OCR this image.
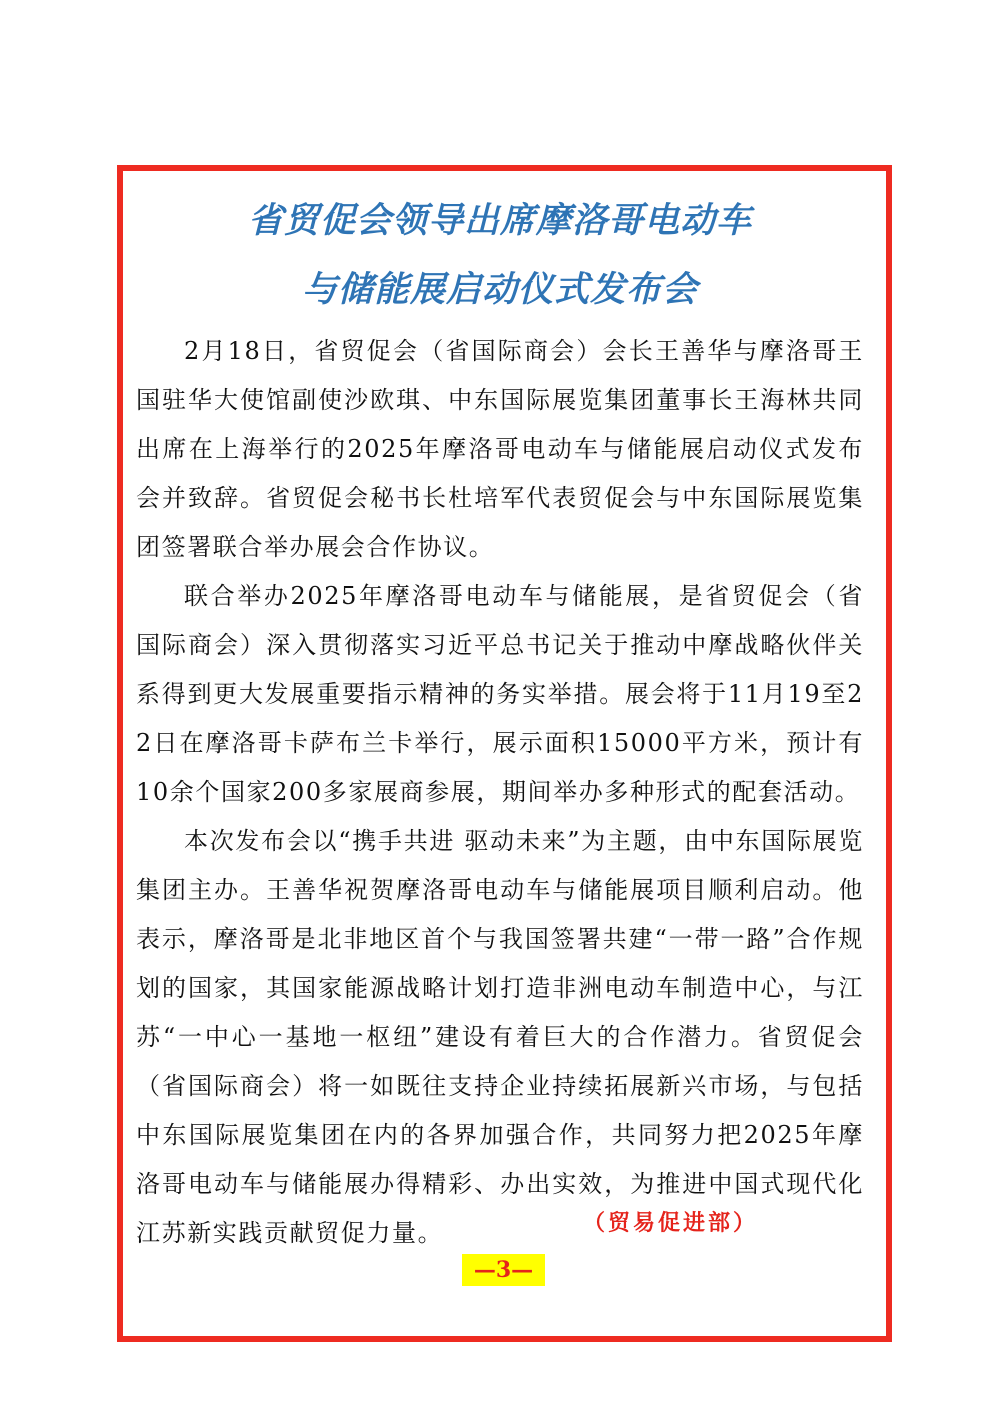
省贸促会领导出席摩洛哥电动车
与储能展启动仪式发布会

2月18日，省贸促会（省国际商会）会长王善华与摩洛哥王国驻华大使馆副使沙欧琪、中东国际展览集团董事长王海林共同出席在上海举行的2025年摩洛哥电动车与储能展启动仪式发布会并致辞。省贸促会秘书长杜培军代表贸促会与中东国际展览集团签署联合举办展会合作协议。

联合举办2025年摩洛哥电动车与储能展，是省贸促会（省国际商会）深入贯彻落实习近平总书记关于推动中摩战略伙伴关系得到更大发展重要指示精神的务实举措。展会将于11月19至22日在摩洛哥卡萨布兰卡举行，展示面积15000平方米，预计有10余个国家200多家展商参展，期间举办多种形式的配套活动。

本次发布会以“携手共进 驱动未来”为主题，由中东国际展览集团主办。王善华祝贺摩洛哥电动车与储能展项目顺利启动。他表示，摩洛哥是北非地区首个与我国签署共建“一带一路”合作规划的国家，其国家能源战略计划打造非洲电动车制造中心，与江苏“一中心一基地一枢纽”建设有着巨大的合作潜力。省贸促会（省国际商会）将一如既往支持企业持续拓展新兴市场，与包括中东国际展览集团在内的各界加强合作，共同努力把2025年摩洛哥电动车与储能展办得精彩、办出实效，为推进中国式现代化江苏新实践贡献贸促力量。	（贸易促进部）
—3—
